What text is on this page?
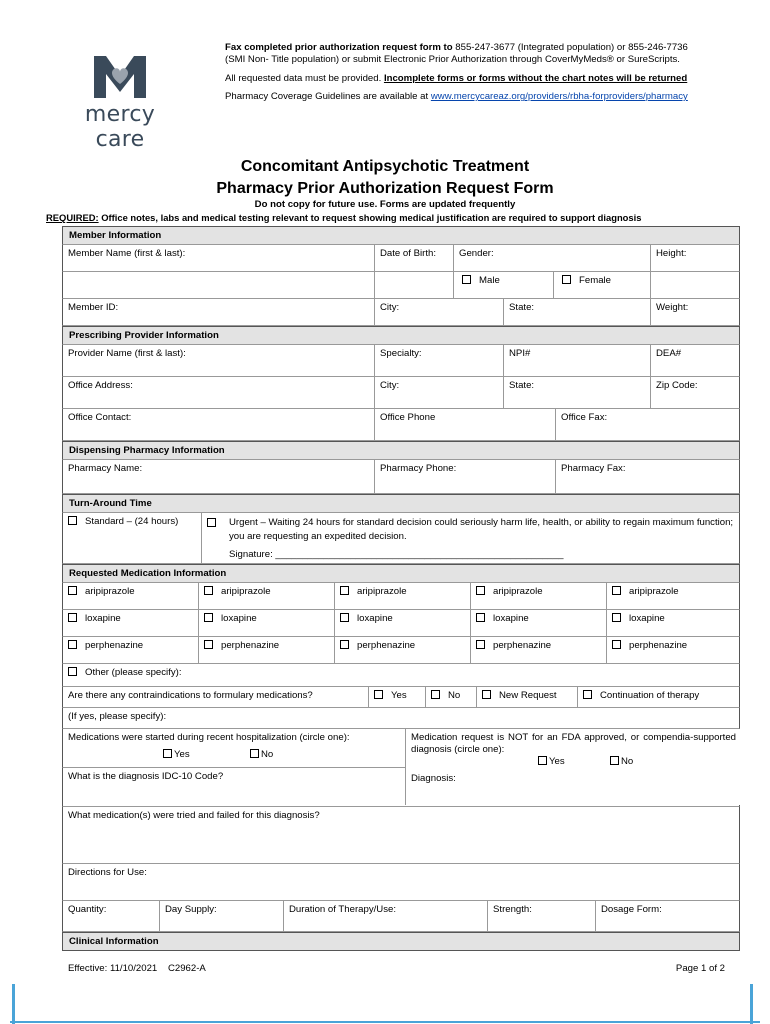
mercy care

Fax completed prior authorization request form to 855-247-3677 (Integrated population) or 855-246-7736 (SMI Non- Title population) or submit Electronic Prior Authorization through CoverMyMeds® or SureScripts.

All requested data must be provided. Incomplete forms or forms without the chart notes will be returned

Pharmacy Coverage Guidelines are available at www.mercycareaz.org/providers/rbha-forproviders/pharmacy

Concomitant Antipsychotic Treatment
Pharmacy Prior Authorization Request Form
Do not copy for future use. Forms are updated frequently
REQUIRED: Office notes, labs and medical testing relevant to request showing medical justification are required to support diagnosis
Member Information
Member Name (first & last):	Date of Birth:	Gender:	Height:
Male	Female
Member ID:	City:	State:	Weight:
Prescribing Provider Information
Provider Name (first & last):	Specialty:	NPI#	DEA#
Office Address:	City:	State:	Zip Code:
Office Contact:	Office Phone	Office Fax:
Dispensing Pharmacy Information
Pharmacy Name:	Pharmacy Phone:	Pharmacy Fax:
Turn-Around Time
Standard – (24 hours)	Urgent – Waiting 24 hours for standard decision could seriously harm life, health, or ability to regain maximum function; you are requesting an expedited decision.
Signature: ______________________________________________________
Requested Medication Information
aripiprazole	aripiprazole	aripiprazole	aripiprazole	aripiprazole
loxapine	loxapine	loxapine	loxapine	loxapine
perphenazine	perphenazine	perphenazine	perphenazine	perphenazine
Other (please specify):
Are there any contraindications to formulary medications?	Yes	No	New Request	Continuation of therapy
(If yes, please specify):
Medications were started during recent hospitalization (circle one):
Yes	No
Medication request is NOT for an FDA approved, or compendia-supported diagnosis (circle one):
Yes	No
Diagnosis:
What is the diagnosis IDC-10 Code?
What medication(s) were tried and failed for this diagnosis?
Directions for Use:
Quantity:	Day Supply:	Duration of Therapy/Use:	Strength:	Dosage Form:
Clinical Information
Effective: 11/10/2021 C2962-A	Page 1 of 2
